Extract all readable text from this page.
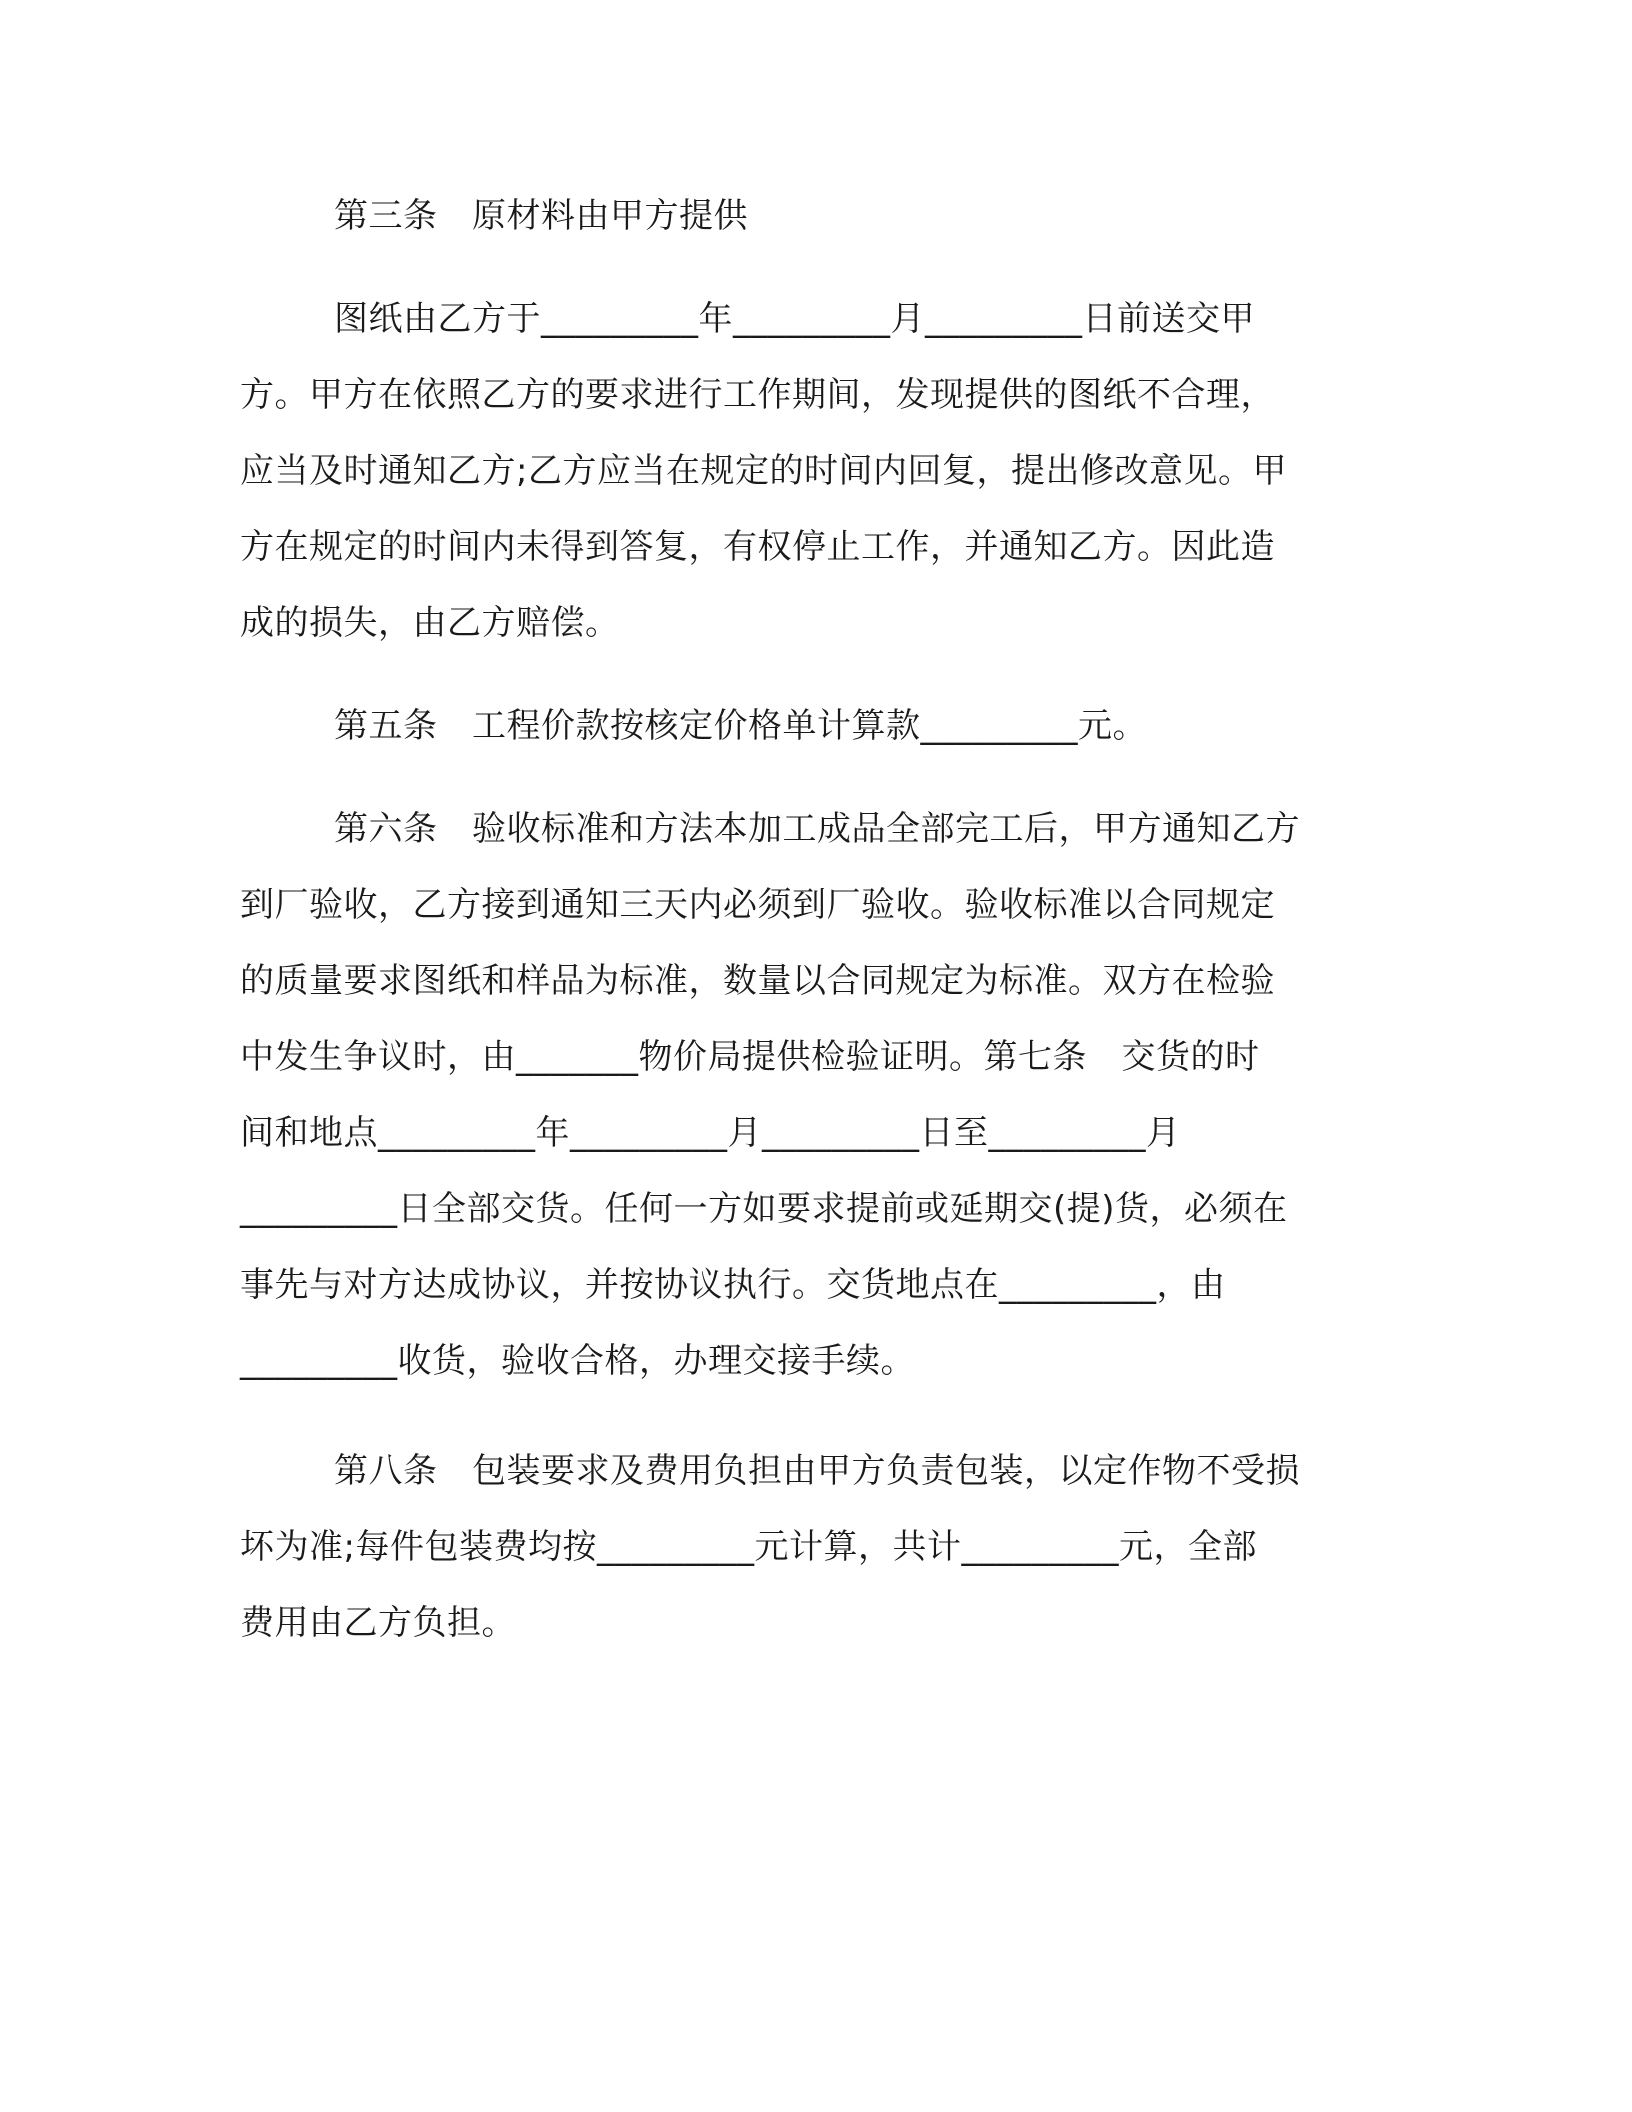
第三条　原材料由甲方提供
图纸由乙方于_________年_________月_________日前送交甲
方。甲方在依照乙方的要求进行工作期间，发现提供的图纸不合理，
应当及时通知乙方;乙方应当在规定的时间内回复，提出修改意见。甲
方在规定的时间内未得到答复，有权停止工作，并通知乙方。因此造
成的损失，由乙方赔偿。
第五条　工程价款按核定价格单计算款_________元。
第六条　验收标准和方法本加工成品全部完工后，甲方通知乙方
到厂验收，乙方接到通知三天内必须到厂验收。验收标准以合同规定
的质量要求图纸和样品为标准，数量以合同规定为标准。双方在检验
中发生争议时，由_______物价局提供检验证明。第七条　交货的时
间和地点_________年_________月_________日至_________月
_________日全部交货。任何一方如要求提前或延期交(提)货，必须在
事先与对方达成协议，并按协议执行。交货地点在_________，由
_________收货，验收合格，办理交接手续。
第八条　包装要求及费用负担由甲方负责包装，以定作物不受损
坏为准;每件包装费均按_________元计算，共计_________元，全部
费用由乙方负担。
